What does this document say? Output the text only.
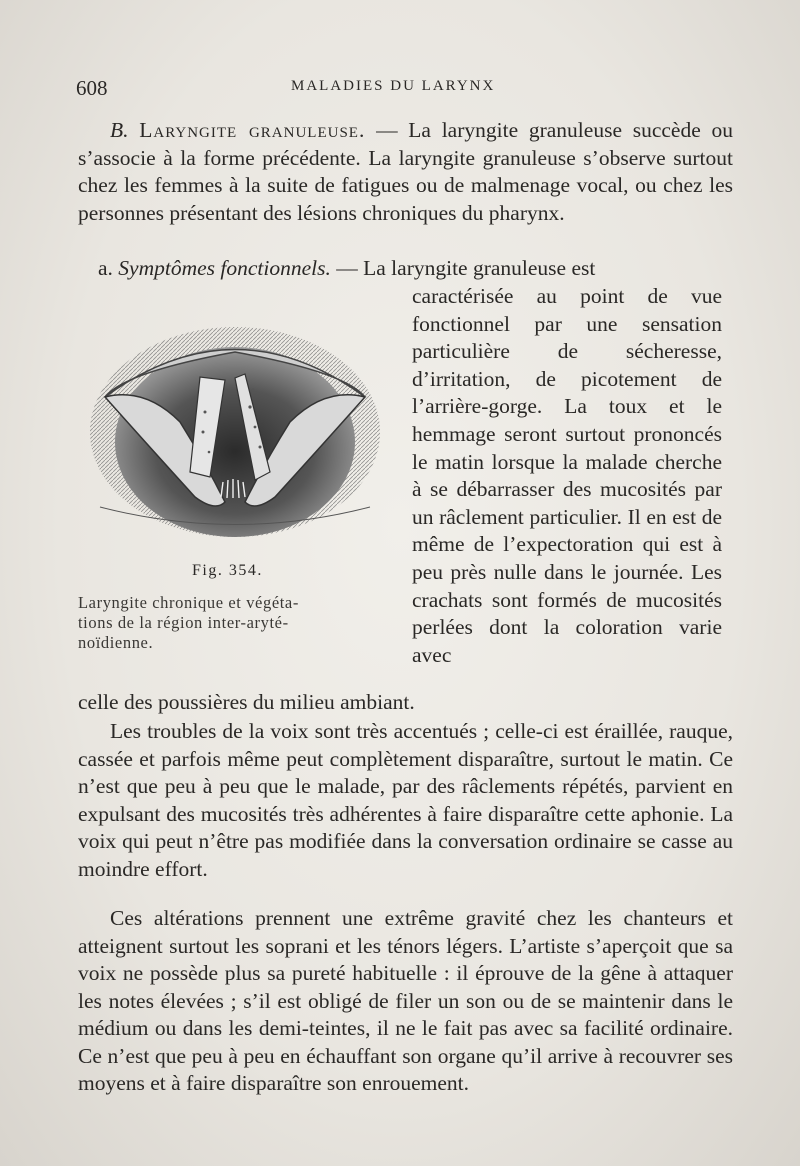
608	MALADIES DU LARYNX
B. Laryngite granuleuse. — La laryngite granuleuse succède ou s’associe à la forme précédente. La laryngite granuleuse s’observe surtout chez les femmes à la suite de fatigues ou de malmenage vocal, ou chez les personnes présentant des lésions chroniques du pharynx.
a. Symptômes fonctionnels. — La laryngite granuleuse est
caractérisée au point de vue fonctionnel par une sensation particulière de sécheresse, d’irritation, de picotement de l’arrière-gorge. La toux et le hemmage seront surtout prononcés le matin lorsque la malade cherche à se débarrasser des mucosités par un râclement particulier. Il en est de même de l’expectoration qui est à peu près nulle dans le journée. Les crachats sont formés de mucosités perlées dont la coloration varie avec
Fig. 354.
Laryngite chronique et végéta-
tions de la région inter-aryté-
noïdienne.
celle des poussières du milieu ambiant.
Les troubles de la voix sont très accentués ; celle-ci est éraillée, rauque, cassée et parfois même peut complètement disparaître, surtout le matin. Ce n’est que peu à peu que le malade, par des râclements répétés, parvient en expulsant des mucosités très adhérentes à faire disparaître cette aphonie. La voix qui peut n’être pas modifiée dans la conversation ordinaire se casse au moindre effort.
Ces altérations prennent une extrême gravité chez les chanteurs et atteignent surtout les soprani et les ténors légers. L’artiste s’aperçoit que sa voix ne possède plus sa pureté habituelle : il éprouve de la gêne à attaquer les notes élevées ; s’il est obligé de filer un son ou de se maintenir dans le médium ou dans les demi-teintes, il ne le fait pas avec sa facilité ordinaire. Ce n’est que peu à peu en échauffant son organe qu’il arrive à recouvrer ses moyens et à faire disparaître son enrouement.
